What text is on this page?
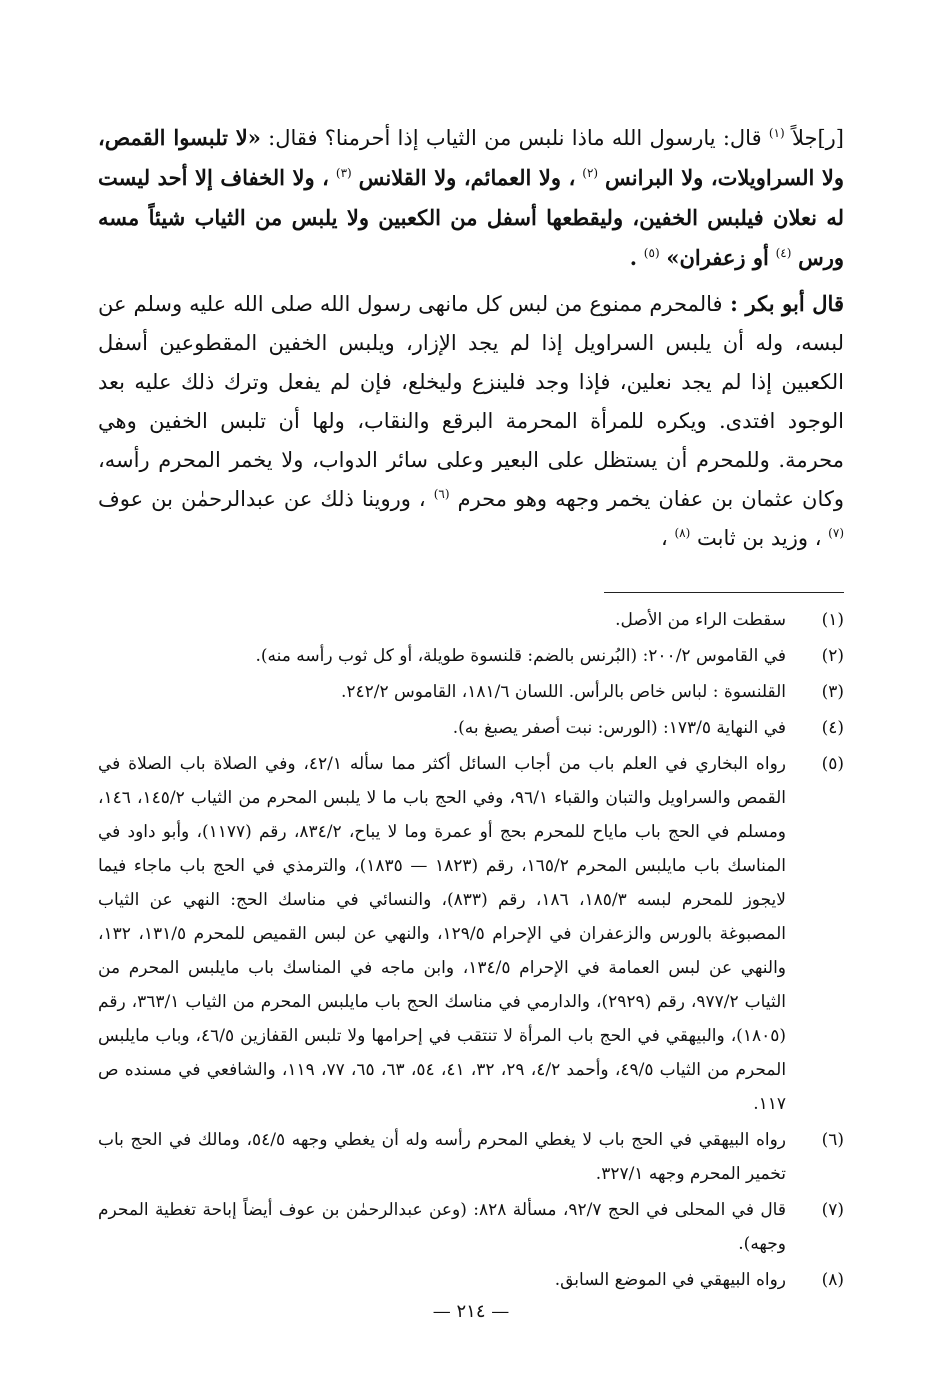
[ر]جلاً $^{(١)}$ قال: يارسول الله ماذا نلبس من الثياب إذا أحرمنا؟ فقال: «لا تلبسوا القمص، ولا السراويلات، ولا البرانس $^{(٢)}$ ، ولا العمائم، ولا القلانس $^{(٣)}$ ، ولا الخفاف إلا أحد ليست له نعلان فيلبس الخفين، وليقطعها أسفل من الكعبين ولا يلبس من الثياب شيئاً مسه ورس $^{(٤)}$ أو زعفران» $^{(٥)}$ .

قال أبو بكر : فالمحرم ممنوع من لبس كل مانهى رسول الله صلى الله عليه وسلم عن لبسه، وله أن يلبس السراويل إذا لم يجد الإزار، ويلبس الخفين المقطوعين أسفل الكعبين إذا لم يجد نعلين، فإذا وجد فلينزع وليخلع، فإن لم يفعل وترك ذلك عليه بعد الوجود افتدى. ويكره للمرأة المحرمة البرقع والنقاب، ولها أن تلبس الخفين وهي محرمة. وللمحرم أن يستظل على البعير وعلى سائر الدواب، ولا يخمر المحرم رأسه، وكان عثمان بن عفان يخمر وجهه وهو محرم $^{(٦)}$ ، وروينا ذلك عن عبدالرحمٰن بن عوف $^{(٧)}$ ، وزيد بن ثابت $^{(٨)}$ ،

(١)
سقطت الراء من الأصل.
(٢)
في القاموس ٢٠٠/٢: (البُرنس بالضم: قلنسوة طويلة، أو كل ثوب رأسه منه).
(٣)
القلنسوة : لباس خاص بالرأس. اللسان ١٨١/٦، القاموس ٢٤٢/٢.
(٤)
في النهاية ١٧٣/٥: (الورس: نبت أصفر يصبغ به).
(٥)
رواه البخاري في العلم باب من أجاب السائل أكثر مما سأله ٤٢/١، وفي الصلاة باب الصلاة في القمص والسراويل والتبان والقباء ٩٦/١، وفي الحج باب ما لا يلبس المحرم من الثياب ١٤٥/٢، ١٤٦، ومسلم في الحج باب ماياح للمحرم بحج أو عمرة وما لا يباح، ٨٣٤/٢، رقم (١١٧٧)، وأبو داود في المناسك باب مايلبس المحرم ١٦٥/٢، رقم (١٨٢٣ — ١٨٣٥)، والترمذي في الحج باب ماجاء فيما لايجوز للمحرم لبسه ١٨٥/٣، ١٨٦، رقم (٨٣٣)، والنسائي في مناسك الحج: النهي عن الثياب المصبوغة بالورس والزعفران في الإحرام ١٢٩/٥، والنهي عن لبس القميص للمحرم ١٣١/٥، ١٣٢، والنهي عن لبس العمامة في الإحرام ١٣٤/٥، وابن ماجه في المناسك باب مايلبس المحرم من الثياب ٩٧٧/٢، رقم (٢٩٢٩)، والدارمي في مناسك الحج باب مايلبس المحرم من الثياب ٣٦٣/١، رقم (١٨٠٥)، والبيهقي في الحج باب المرأة لا تنتقب في إحرامها ولا تلبس القفازين ٤٦/٥، وباب مايلبس المحرم من الثياب ٤٩/٥، وأحمد ٤/٢، ٢٩، ٣٢، ٤١، ٥٤، ٦٣، ٦٥، ٧٧، ١١٩، والشافعي في مسنده ص ١١٧.
(٦)
رواه البيهقي في الحج باب لا يغطي المحرم رأسه وله أن يغطي وجهه ٥٤/٥، ومالك في الحج باب تخمير المحرم وجهه ٣٢٧/١.
(٧)
قال في المحلى في الحج ٩٢/٧، مسألة ٨٢٨: (وعن عبدالرحمٰن بن عوف أيضاً إباحة تغطية المحرم وجهه).
(٨)
رواه البيهقي في الموضع السابق.
— ٢١٤ —
